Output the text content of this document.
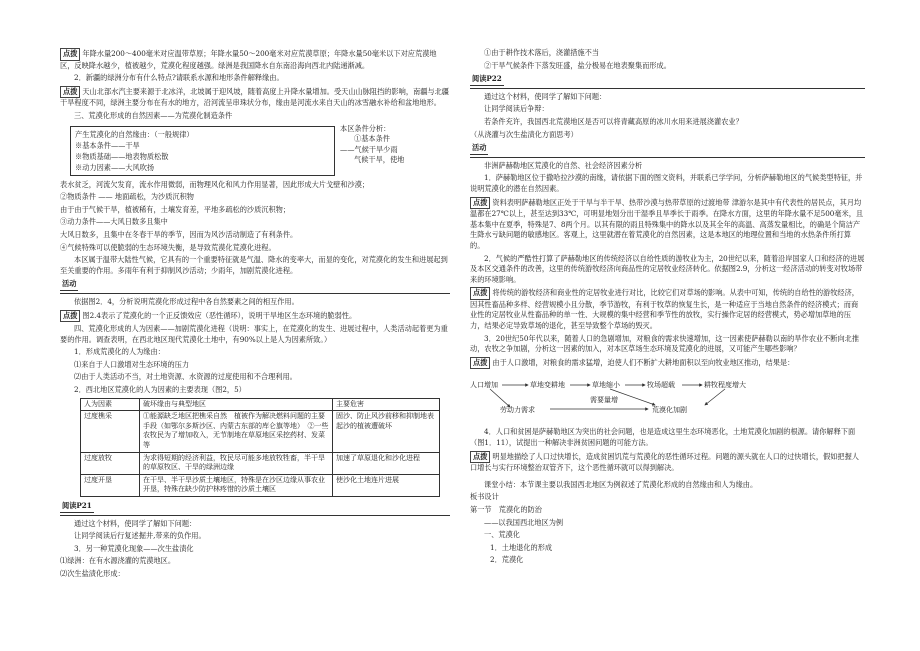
点拨 年降水量200～400毫米对应温带草原；年降水量50～200毫米对应荒漠草原；年降水量50毫米以下对应荒漠地区，反映降水越少，植被越少，荒漠化程度越强。绿洲是我国降水自东南沿海向西北内陆递渐减。

2．新疆的绿洲分布有什么特点?请联系水源和地形条件解释缘由。

点拨 天山北部水汽主要来源于北冰洋，北坡属于迎风坡，随着高度上升降水量增加。受天山山脉阻挡的影响，南疆与北疆干旱程度不同，绿洲主要分布在有水的地方，沿河流呈串珠状分布，缘由是河流水来自天山的冰雪融水补给和盆地地形。

三、荒漠化形成的自然因素——为荒漠化制造条件

产生荒漠化的自然缘由：（一般规律）
※基本条件——干旱
※物质基础——地表物质松散
※动力因素——大风吹扬
本区条件分析：
①基本条件
——气候干旱少雨
气候干旱，使地

表水贫乏，河流欠发育，流水作用微弱，而物理风化和风力作用显著，因此形成大片戈壁和沙漠；

②物质条件 —— 地面疏松，为沙质沉积物

由于由于气候干旱，植被稀有，土壤发育差，平地多疏松的沙质沉积物；

③动力条件——大风日数多且集中

大风日数多，且集中在冬春干旱的季节，因而为风沙活动制造了有利条件。

④气候特殊可以使脆弱的生态环境失衡，是导致荒漠化荒漠化进程。

本区属于温带大陆性气候，它具有的一个重要特征就是气温、降水的变率大，而显的变化，对荒漠化的发生和进展起到至关重要的作用。多雨年有利于抑制风沙活动；少雨年，加剧荒漠化进程。

活动

依据图2．4，分析说明荒漠化形成过程中各自然要素之间的相互作用。

点拨 图2.4表示了荒漠化的一个正反馈效应（恶性循环），说明干旱地区生态环境的脆弱性。

四、荒漠化形成的人为因素——加剧荒漠化进程（说明：事实上，在荒漠化的发生、进展过程中，人类活动起着更为重要的作用。调查表明，在西北地区现代荒漠化土地中，有90%以上是人为因素所致。）

1．形成荒漠化的人为缘由：

⑴来自于人口激增对生态环境的压力

⑵由于人类活动不当，对土地资源、水资源的过度使用和不合理利用。

2．西北地区荒漠化的人为因素的主要表现（图2，5）

人为因素	破坏缘由与典型地区	主要危害
过度樵采	①能源缺乏地区把樵采自然　植被作为解决燃料问题的主要手段（如鄂尔多斯沙区、内蒙古东部的库仑旗等地）　②一些农牧民为了增加收入，无节制地在草原地区采挖药材、发菜等	固沙、防止风沙前移和抑制地表起沙的植被遭破坏
过度放牧	为求得短期的经济利益，牧民尽可能多地放牧牲畜，半干旱的草原牧区、干旱的绿洲边缘	加速了草原退化和沙化进程
过度开垦	在干旱、半干旱沙质土壤地区，特殊是在沙区边缘从事农业开垦，特殊在缺少防护林疼惜的沙质土壤区	使沙化土地连片进展

阅读P21

通过这个材料，使同学了解如下问题：

让同学阅读后行复述掘井,带来的负作用。

3．另一种荒漠化现象——次生盐渍化

⑴绿洲：在有水源浇灌的荒漠地区。

⑵次生盐渍化形成：

①由于耕作技术落后，浇灌措施不当

②干旱气候条件下蒸发旺盛，盐分极易在地表聚集而形成。

阅读P22

通过这个材料，使同学了解如下问题：

让同学阅读后争辩：

若条件充许，我国西北荒漠地区是否可以将青藏高原的冰川水用来进展浇灌农业？

（从浇灌与次生盐渍化方面思考）

活动

非洲萨赫勒地区荒漠化的自然、社会经济因素分析

1．萨赫勒地区位于撒哈拉沙漠的南缘，请依据下面的图文资料，并联系已学学问，分析萨赫勒地区的气候类型特征，并说明荒漠化的潜在自然因素。

点拨 资料表明萨赫勒地区正处于干旱与半干旱、热带沙漠与热带草原的过渡地带 津游尔是其中有代表性的居民点，其月均温都在27℃以上，甚至达到33℃，可明显地划分出干湿季且旱季长于雨季。在降水方面，这里的年降水量不足500毫米，且基本集中在夏季，特殊是7、8两个月。以其有限的雨且特殊集中的降水以及其全年的高温、高蒸发量相比，的确是个简洁产生降水亏缺问题的敏感地区。客观上，这里就潜在着荒漠化的自然因素，这是本地区的地理位置和当地的水热条件所打算的。

2．气候的严酷性打算了萨赫勒地区的传统经济以自给性质的游牧业为主，20世纪以来，随着沿岸国家人口和经济的进展及本区交通条件的改善，这里的传统游牧经济向商品性的定居牧业经济转化。依据图2.9，分析这一经济活动的转变对牧场带来的环境影响。

点拨 将传统的游牧经济和商业性的定居牧业进行对比，比较它们对草场的影响。从表中可知，传统的自给性的游牧经济，因其性畜品种多样、经营规模小且分散，季节游牧，有利于牧草的恢复生长，是一种适应于当地自然条件的经济模式；而商业性的定居牧业从性畜品种的单一性、大规模的集中经营和季节性的放牧，实行操作定居的经营模式，势必增加草地的压力，结果必定导致草场的退化，甚至导致整个草场的毁灭。

3．20世纪50年代以来，随着人口的急剧增加，对粮食的需求快速增加，这一因素使萨赫勒以南的旱作农业不断向北推动，农牧之争加剧，分析这一因素的加入，对本区草场生态环境及荒漠化的进展，又可能产生哪些影响？

点拨 由于人口激增，对粮食的需求猛增，迫使人们不断扩大耕地面积以至向牧业地区推动，结果是：

人口增加	草地变耕地	草地缩小	牧场超载	耕牧程度增大
劳动力需求	荒漠化加剧
需要量增

4．人口和贫困是萨赫勒地区为突出的社会问题，也是造成这里生态环境恶化，土地荒漠化加剧的根源。请你解释下面（图1．11），试提出一种解决非洲贫困问题的可能方法。

点拨 明显地描绘了人口过快增长，造成贫困饥荒与荒漠化的恶性循环过程。问题的源头就在人口的过快增长，假如把握人口增长与实行环境整治双管齐下，这个恶性循环就可以得到解决。

课堂小结：本节课主要以我国西北地区为例叙述了荒漠化形成的自然缘由和人为缘由。

板书设计

第一节　荒漠化的防治

——以我国西北地区为例

一、荒漠化

1．土地退化的形成

2．荒漠化
